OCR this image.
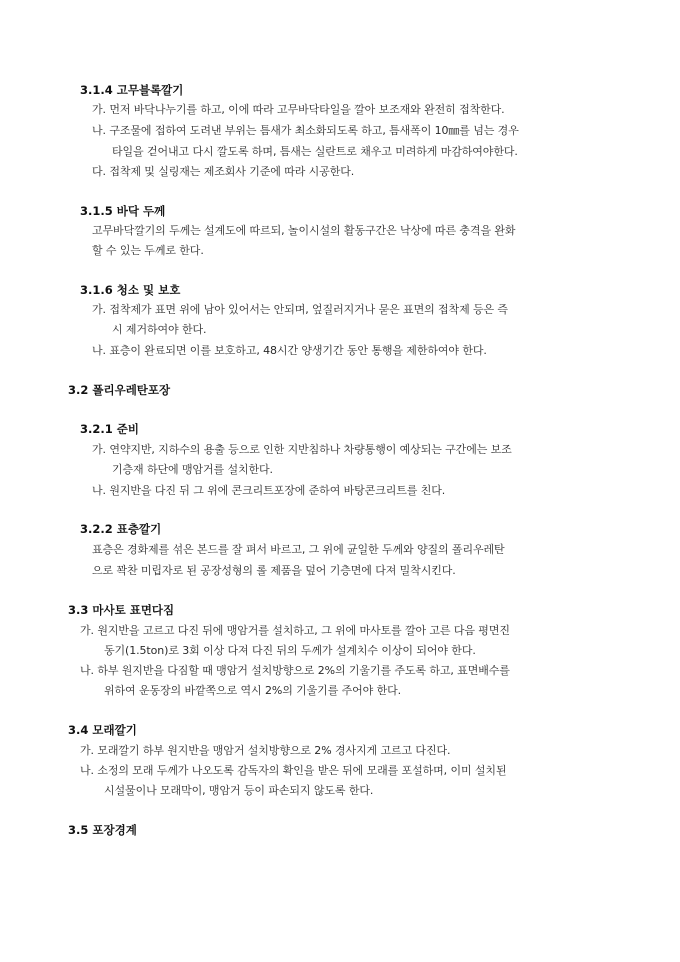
3.1.4 고무블록깔기
가. 먼저 바닥나누기를 하고, 이에 따라 고무바닥타일을 깔아 보조재와 완전히 접착한다.
나. 구조물에 접하여 도려낸 부위는 틈새가 최소화되도록 하고, 틈새폭이 10㎜를 넘는 경우
타일을 걷어내고 다시 깔도록 하며, 틈새는 실란트로 채우고 미려하게 마감하여야한다.
다. 접착제 및 실링재는 제조회사 기준에 따라 시공한다.
3.1.5 바닥 두께
고무바닥깔기의 두께는 설계도에 따르되, 놀이시설의 활동구간은 낙상에 따른 충격을 완화
할 수 있는 두께로 한다.
3.1.6 청소 및 보호
가. 접착제가 표면 위에 남아 있어서는 안되며, 엎질러지거나 묻은 표면의 접착제 등은 즉
시 제거하여야 한다.
나. 표층이 완료되면 이를 보호하고, 48시간 양생기간 동안 통행을 제한하여야 한다.
3.2 폴리우레탄포장
3.2.1 준비
가. 연약지반, 지하수의 용출 등으로 인한 지반침하나 차량통행이 예상되는 구간에는 보조
기층재 하단에 맹암거를 설치한다.
나. 원지반을 다진 뒤 그 위에 콘크리트포장에 준하여 바탕콘크리트를 친다.
3.2.2 표층깔기
표층은 경화제를 섞은 본드를 잘 펴서 바르고, 그 위에 균일한 두께와 양질의 폴리우레탄
으로 꽉찬 미립자로 된 공장성형의 롤 제품을 덮어 기층면에 다져 밀착시킨다.
3.3 마사토 표면다짐
가. 원지반을 고르고 다진 뒤에 맹암거를 설치하고, 그 위에 마사토를 깔아 고른 다음 평면진
동기(1.5ton)로 3회 이상 다져 다진 뒤의 두께가 설계치수 이상이 되어야 한다.
나. 하부 원지반을 다짐할 때 맹암거 설치방향으로 2%의 기울기를 주도록 하고, 표면배수를
위하여 운동장의 바깥쪽으로 역시 2%의 기울기를 주어야 한다.
3.4 모래깔기
가. 모래깔기 하부 원지반을 맹암거 설치방향으로 2% 경사지게 고르고 다진다.
나. 소정의 모래 두께가 나오도록 감독자의 확인을 받은 뒤에 모래를 포설하며, 이미 설치된
시설물이나 모래막이, 맹암거 등이 파손되지 않도록 한다.
3.5 포장경계
